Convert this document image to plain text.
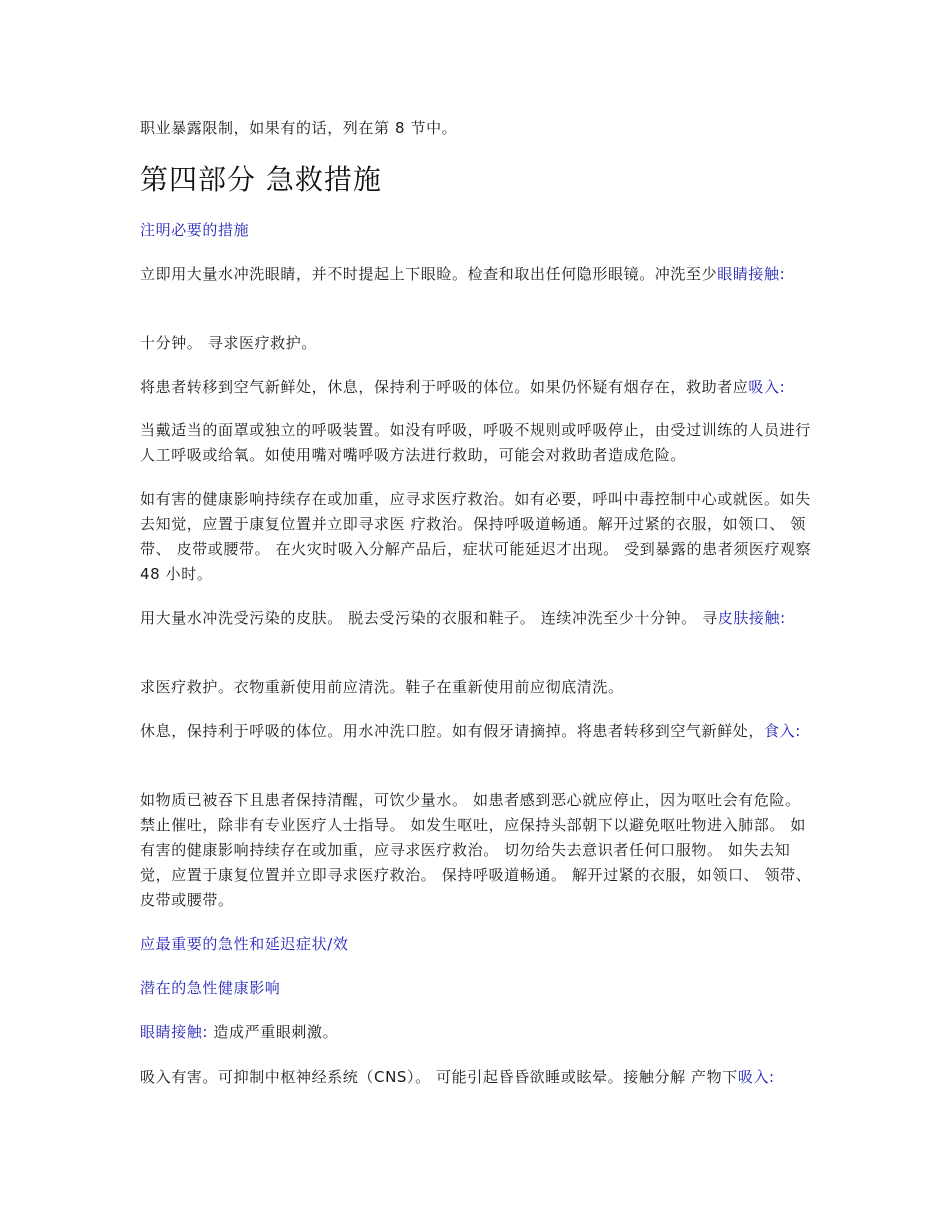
职业暴露限制，如果有的话，列在第 8 节中。

第四部分 急救措施

注明必要的措施

立即用大量水冲洗眼睛，并不时提起上下眼睑。检查和取出任何隐形眼镜。冲洗至少眼睛接触:

十分钟。 寻求医疗救护。

将患者转移到空气新鲜处，休息，保持利于呼吸的体位。如果仍怀疑有烟存在，救助者应吸入:

当戴适当的面罩或独立的呼吸装置。如没有呼吸，呼吸不规则或呼吸停止，由受过训练的人员进行人工呼吸或给氧。如使用嘴对嘴呼吸方法进行救助，可能会对救助者造成危险。

如有害的健康影响持续存在或加重，应寻求医疗救治。如有必要，呼叫中毒控制中心或就医。如失去知觉，应置于康复位置并立即寻求医 疗救治。保持呼吸道畅通。解开过紧的衣服，如领口、 领带、 皮带或腰带。 在火灾时吸入分解产品后，症状可能延迟才出现。 受到暴露的患者须医疗观察 48 小时。

用大量水冲洗受污染的皮肤。 脱去受污染的衣服和鞋子。 连续冲洗至少十分钟。 寻皮肤接触:

求医疗救护。衣物重新使用前应清洗。鞋子在重新使用前应彻底清洗。

休息，保持利于呼吸的体位。用水冲洗口腔。如有假牙请摘掉。将患者转移到空气新鲜处，食入:

如物质已被吞下且患者保持清醒，可饮少量水。 如患者感到恶心就应停止，因为呕吐会有危险。 禁止催吐，除非有专业医疗人士指导。 如发生呕吐，应保持头部朝下以避免呕吐物进入肺部。 如有害的健康影响持续存在或加重，应寻求医疗救治。 切勿给失去意识者任何口服物。 如失去知觉，应置于康复位置并立即寻求医疗救治。 保持呼吸道畅通。 解开过紧的衣服，如领口、 领带、 皮带或腰带。

应最重要的急性和延迟症状/效

潜在的急性健康影响

眼睛接触: 造成严重眼刺激。

吸入有害。可抑制中枢神经系统（CNS）。 可能引起昏昏欲睡或眩晕。接触分解 产物下吸入:
